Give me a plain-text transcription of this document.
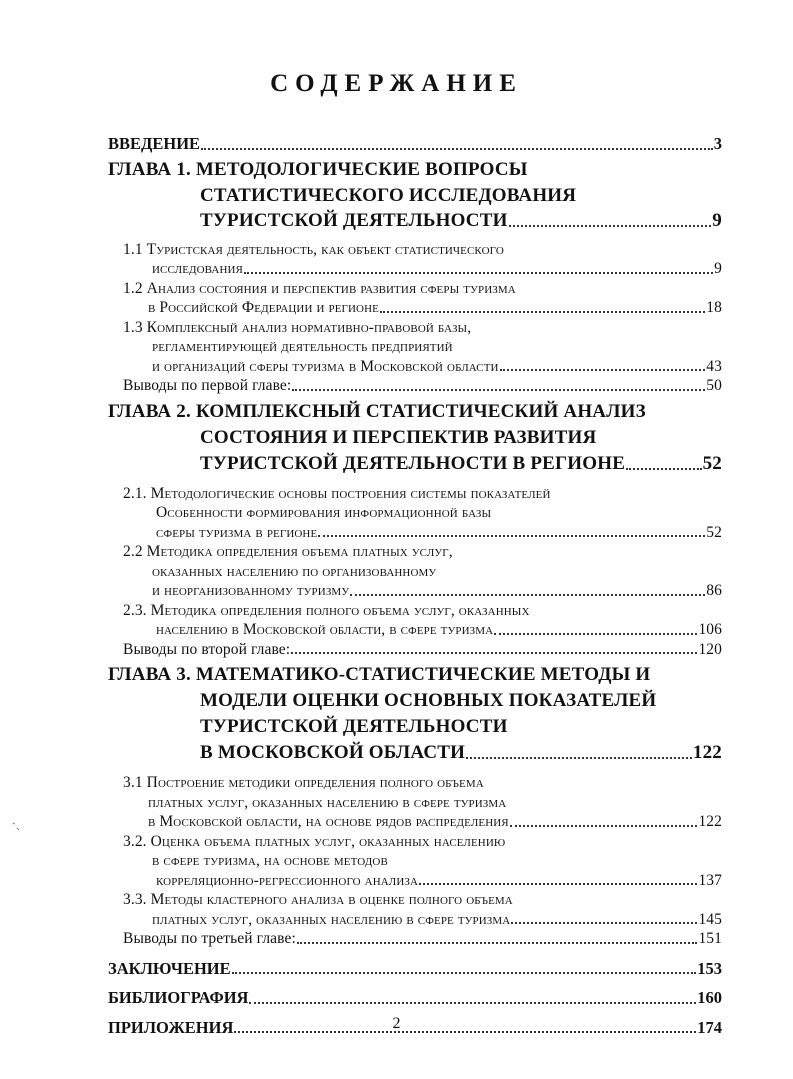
ˋ˴
СОДЕРЖАНИЕ
ВВЕДЕНИЕ	3
ГЛАВА 1. МЕТОДОЛОГИЧЕСКИЕ ВОПРОСЫ
СТАТИСТИЧЕСКОГО ИССЛЕДОВАНИЯ
ТУРИСТСКОЙ ДЕЯТЕЛЬНОСТИ	9
1.1 Туристская деятельность, как объект статистического
исследования	9
1.2 Анализ состояния и перспектив развития сферы туризма
в Российской Федерации и регионе	18
1.3 Комплексный анализ нормативно-правовой базы,
регламентирующей деятельность предприятий
и организаций сферы туризма в Московской области	43
Выводы по первой главе:	50
ГЛАВА 2. КОМПЛЕКСНЫЙ СТАТИСТИЧЕСКИЙ АНАЛИЗ
СОСТОЯНИЯ И ПЕРСПЕКТИВ РАЗВИТИЯ
ТУРИСТСКОЙ ДЕЯТЕЛЬНОСТИ В РЕГИОНЕ	52
2.1. Методологические основы построения системы показателей
Особенности формирования информационной базы
сферы туризма в регионе	52
2.2 Методика определения объема платных услуг,
оказанных населению по организованному
и неорганизованному туризму	86
2.3. Методика определения полного объема услуг, оказанных
населению в Московской области, в сфере туризма	106
Выводы по второй главе:	120
ГЛАВА 3. МАТЕМАТИКО-СТАТИСТИЧЕСКИЕ МЕТОДЫ И
МОДЕЛИ ОЦЕНКИ ОСНОВНЫХ ПОКАЗАТЕЛЕЙ
ТУРИСТСКОЙ ДЕЯТЕЛЬНОСТИ
В МОСКОВСКОЙ ОБЛАСТИ	122
3.1 Построение методики определения полного объема
платных услуг, оказанных населению в сфере туризма
в Московской области, на основе рядов распределения	122
3.2. Оценка объема платных услуг, оказанных населению
в сфере туризма, на основе методов
корреляционно-регрессионного анализа	137
3.3. Методы кластерного анализа в оценке полного объема
платных услуг, оказанных населению в сфере туризма	145
Выводы по третьей главе:	151
ЗАКЛЮЧЕНИЕ	153
БИБЛИОГРАФИЯ	160
ПРИЛОЖЕНИЯ	174
2
